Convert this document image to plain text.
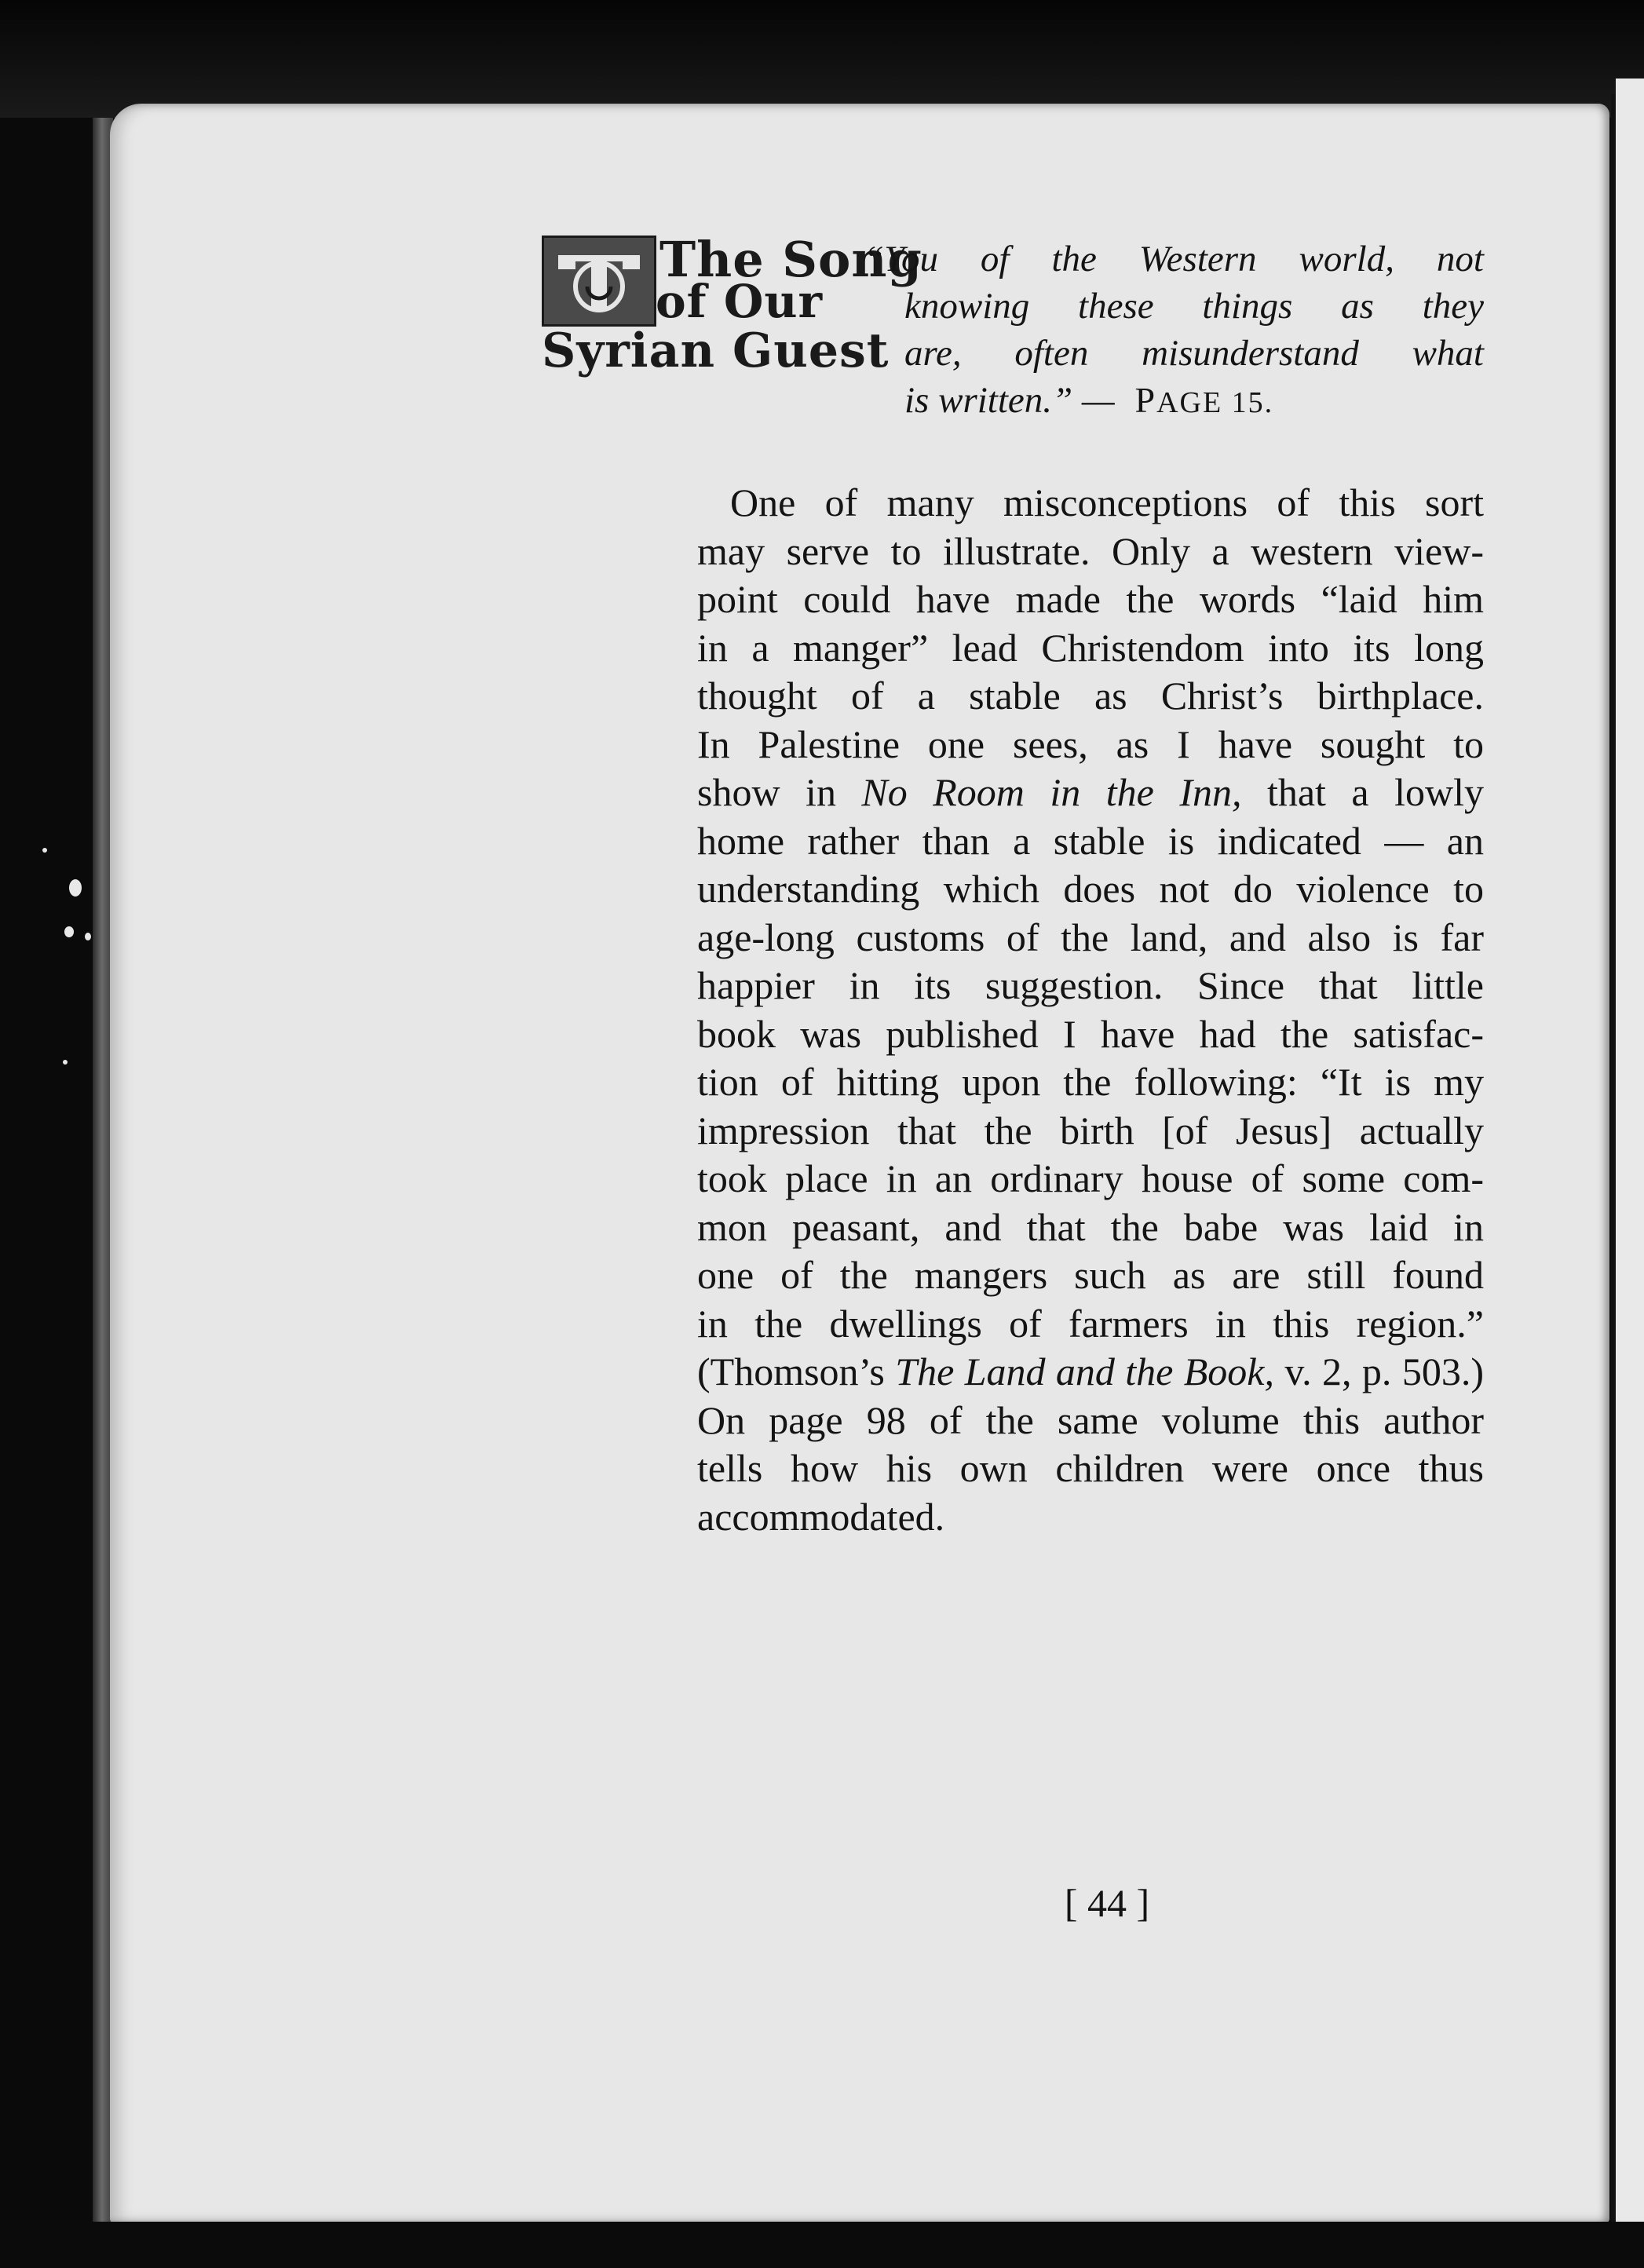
The Song
of Our
Syrian Guest
“You of the Western world, not
knowing these things as they
are, often misunderstand what
is written.” — PAGE 15.
One of many misconceptions of this sort
may serve to illustrate. Only a western view-
point could have made the words “laid him
in a manger” lead Christendom into its long
thought of a stable as Christ’s birthplace.
In Palestine one sees, as I have sought to
show in No Room in the Inn, that a lowly
home rather than a stable is indicated — an
understanding which does not do violence to
age-long customs of the land, and also is far
happier in its suggestion. Since that little
book was published I have had the satisfac-
tion of hitting upon the following: “It is my
impression that the birth [of Jesus] actually
took place in an ordinary house of some com-
mon peasant, and that the babe was laid in
one of the mangers such as are still found
in the dwellings of farmers in this region.”
(Thomson’s The Land and the Book, v. 2, p. 503.)
On page 98 of the same volume this author
tells how his own children were once thus
accommodated.
[ 44 ]
